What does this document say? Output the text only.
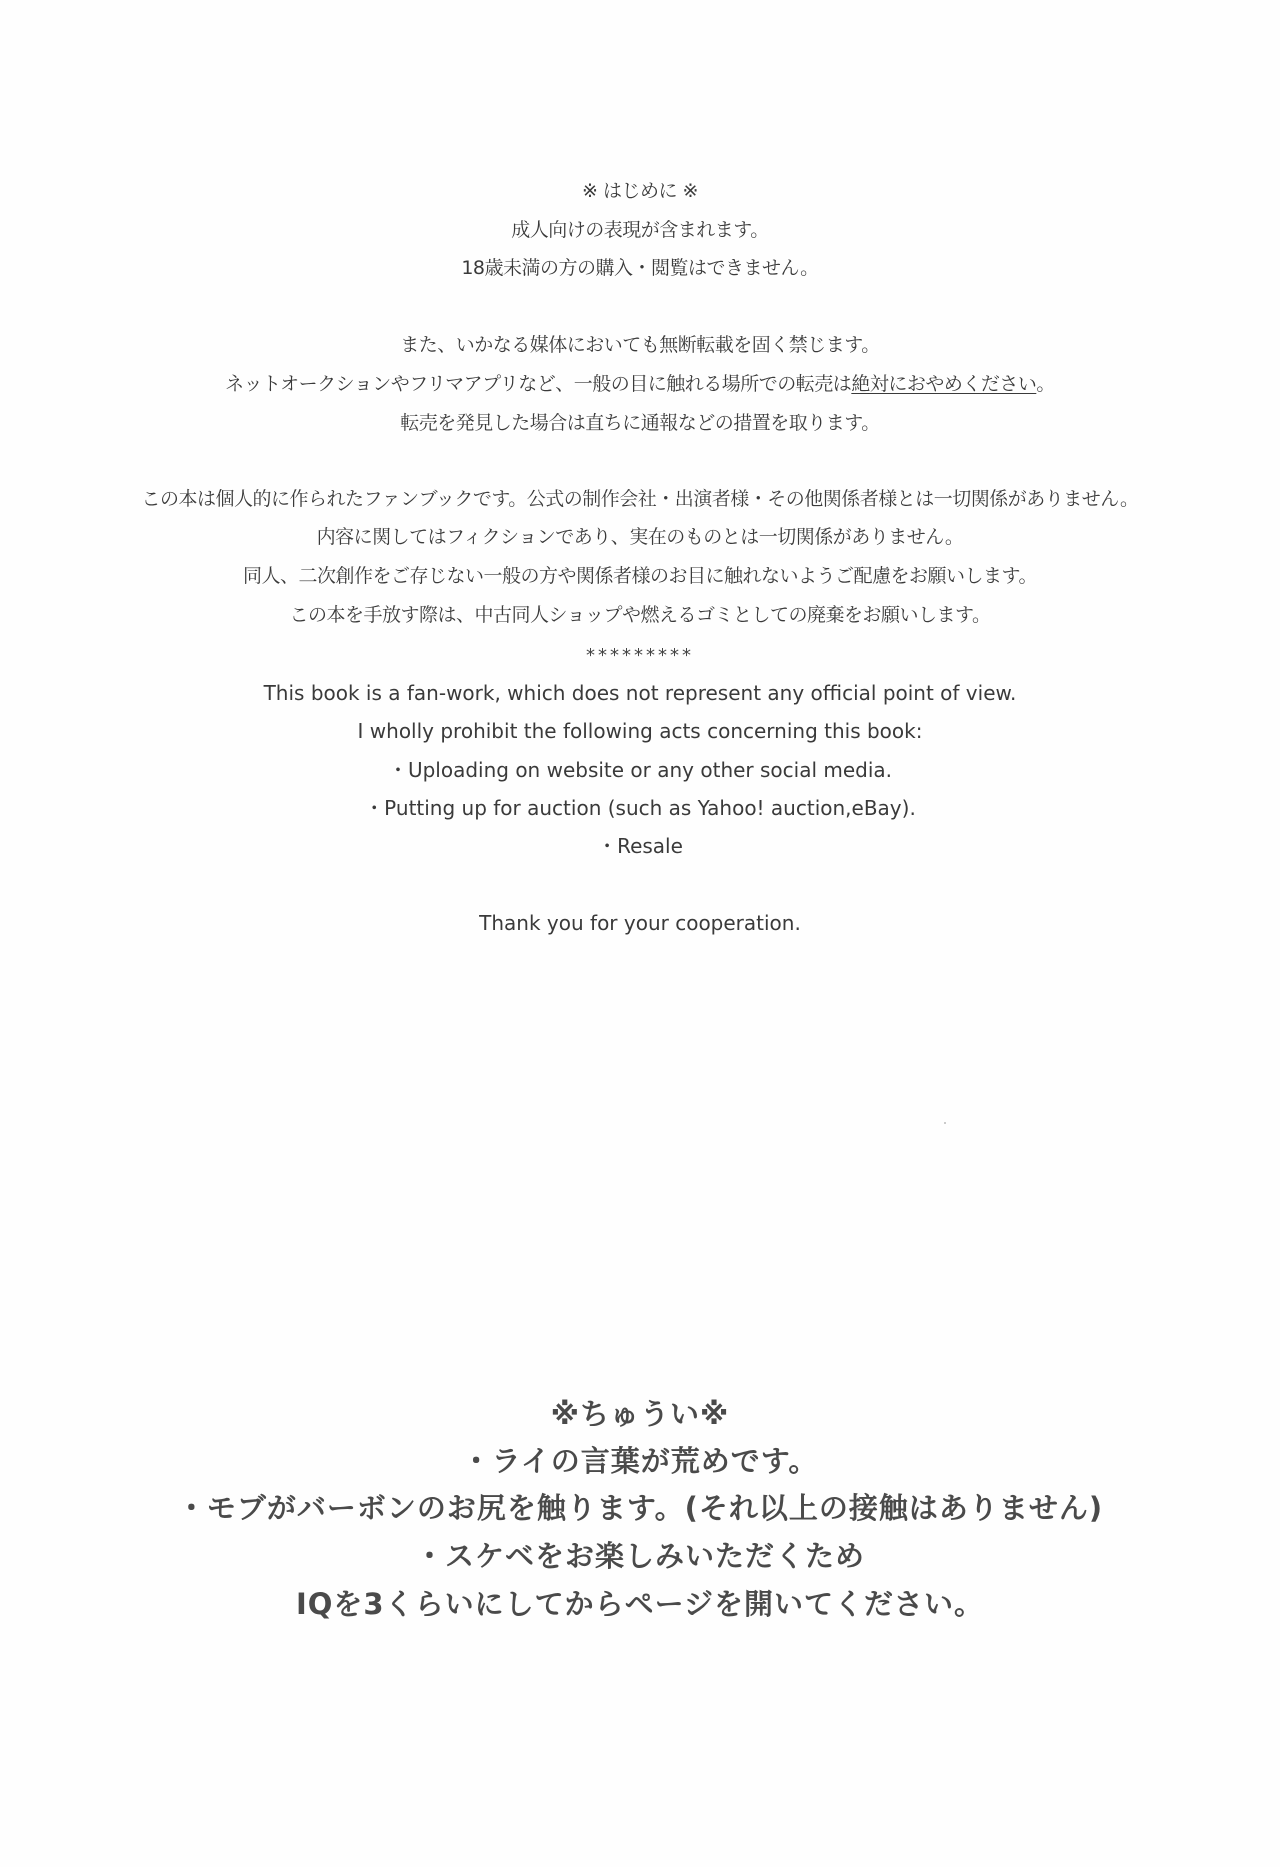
※ はじめに ※
成人向けの表現が含まれます。
18歳未満の方の購入・閲覧はできません。
また、いかなる媒体においても無断転載を固く禁じます。
ネットオークションやフリマアプリなど、一般の目に触れる場所での転売は絶対におやめください。
転売を発見した場合は直ちに通報などの措置を取ります。
この本は個人的に作られたファンブックです。公式の制作会社・出演者様・その他関係者様とは一切関係がありません。
内容に関してはフィクションであり、実在のものとは一切関係がありません。
同人、二次創作をご存じない一般の方や関係者様のお目に触れないようご配慮をお願いします。
この本を手放す際は、中古同人ショップや燃えるゴミとしての廃棄をお願いします。
*********
This book is a fan-work, which does not represent any official point of view.
I wholly prohibit the following acts concerning this book:
・Uploading on website or any other social media.
・Putting up for auction (such as Yahoo! auction,eBay).
・Resale
Thank you for your cooperation.
※ちゅうい※
・ライの言葉が荒めです。
・モブがバーボンのお尻を触ります。(それ以上の接触はありません)
・スケベをお楽しみいただくため
IQを3くらいにしてからページを開いてください。
